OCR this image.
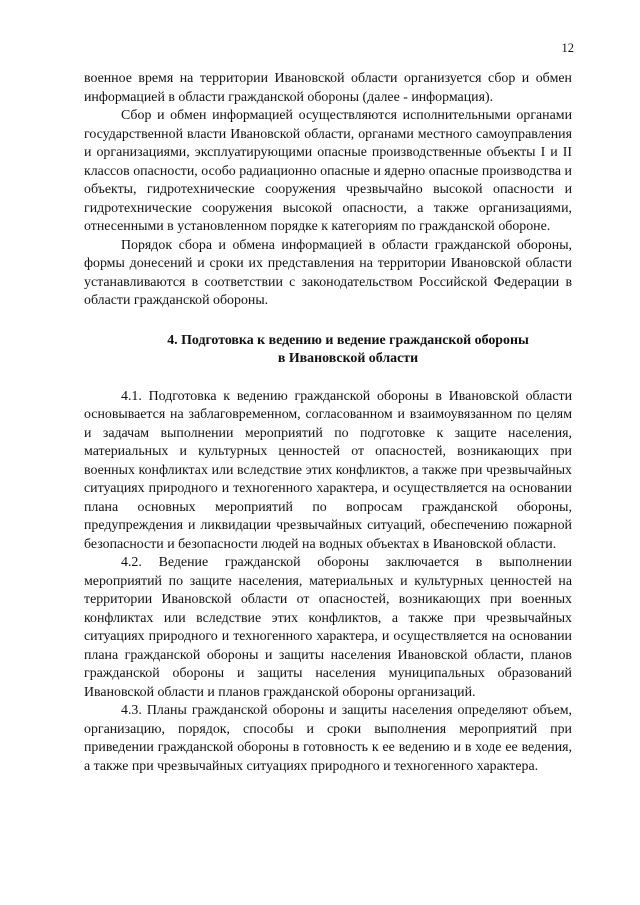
12

военное время на территории Ивановской области организуется сбор и обмен информацией в области гражданской обороны (далее - информация).

Сбор и обмен информацией осуществляются исполнительными органами государственной власти Ивановской области, органами местного самоуправления и организациями, эксплуатирующими опасные производственные объекты I и II классов опасности, особо радиационно опасные и ядерно опасные производства и объекты, гидротехнические сооружения чрезвычайно высокой опасности и гидротехнические сооружения высокой опасности, а также организациями, отнесенными в установленном порядке к категориям по гражданской обороне.

Порядок сбора и обмена информацией в области гражданской обороны, формы донесений и сроки их представления на территории Ивановской области устанавливаются в соответствии с законодательством Российской Федерации в области гражданской обороны.

4. Подготовка к ведению и ведение гражданской обороны
в Ивановской области

4.1. Подготовка к ведению гражданской обороны в Ивановской области основывается на заблаговременном, согласованном и взаимоувязанном по целям и задачам выполнении мероприятий по подготовке к защите населения, материальных и культурных ценностей от опасностей, возникающих при военных конфликтах или вследствие этих конфликтов, а также при чрезвычайных ситуациях природного и техногенного характера, и осуществляется на основании плана основных мероприятий по вопросам гражданской обороны, предупреждения и ликвидации чрезвычайных ситуаций, обеспечению пожарной безопасности и безопасности людей на водных объектах в Ивановской области.

4.2. Ведение гражданской обороны заключается в выполнении мероприятий по защите населения, материальных и культурных ценностей на территории Ивановской области от опасностей, возникающих при военных конфликтах или вследствие этих конфликтов, а также при чрезвычайных ситуациях природного и техногенного характера, и осуществляется на основании плана гражданской обороны и защиты населения Ивановской области, планов гражданской обороны и защиты населения муниципальных образований Ивановской области и планов гражданской обороны организаций.

4.3. Планы гражданской обороны и защиты населения определяют объем, организацию, порядок, способы и сроки выполнения мероприятий при приведении гражданской обороны в готовность к ее ведению и в ходе ее ведения, а также при чрезвычайных ситуациях природного и техногенного характера.
